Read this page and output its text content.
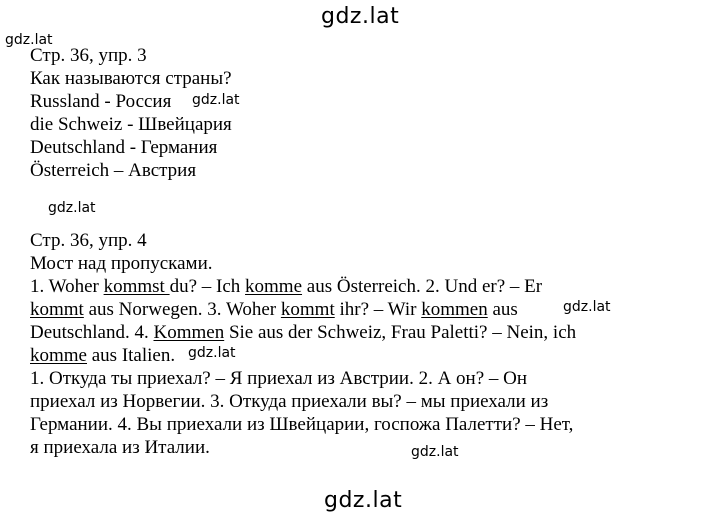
gdz.lat
gdz.lat
gdz.lat
gdz.lat
gdz.lat
gdz.lat
gdz.lat
gdz.lat
Стр. 36, упр. 3
Как называются страны?
Russland - Россия
die Schweiz - Швейцария
Deutschland - Германия
Österreich – Австрия
Стр. 36, упр. 4
Мост над пропусками.
1. Woher kommst du? – Ich komme aus Österreich. 2. Und er? – Er
kommt aus Norwegen. 3. Woher kommt ihr? – Wir kommen aus
Deutschland. 4. Kommen Sie aus der Schweiz, Frau Paletti? – Nein, ich
komme aus Italien.
1. Откуда ты приехал? – Я приехал из Австрии. 2. А он? – Он
приехал из Норвегии. 3. Откуда приехали вы? – мы приехали из
Германии. 4. Вы приехали из Швейцарии, госпожа Палетти? – Нет,
я приехала из Италии.
